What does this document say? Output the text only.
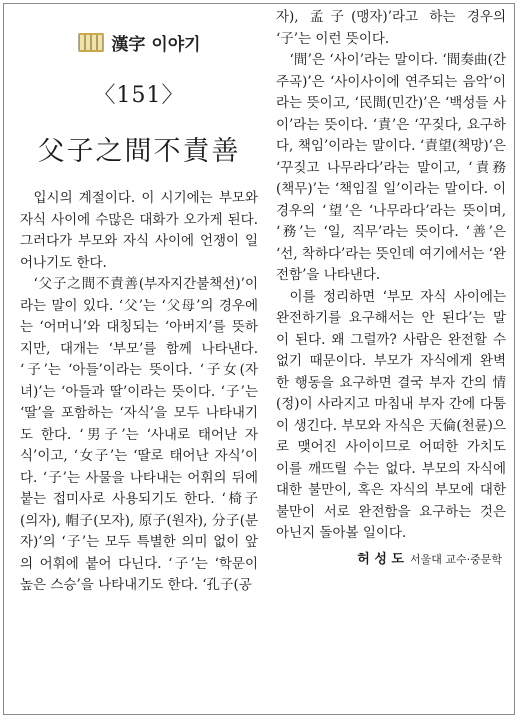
漢字 이야기
〈151〉
父子之間不責善

입시의 계절이다. 이 시기에는 부모와 자식 사이에 수많은 대화가 오가게 된다. 그러다가 부모와 자식 사이에 언쟁이 일어나기도 한다.

‘父子之間不責善(부자지간불책선)’이라는 말이 있다. ‘父’는 ‘父母’의 경우에는 ‘어머니’와 대칭되는 ‘아버지’를 뜻하지만, 대개는 ‘부모’를 함께 나타낸다. ‘子’는 ‘아들’이라는 뜻이다. ‘子女(자녀)’는 ‘아들과 딸’이라는 뜻이다. ‘子’는 ‘딸’을 포함하는 ‘자식’을 모두 나타내기도 한다. ‘男子’는 ‘사내로 태어난 자식’이고, ‘女子’는 ‘딸로 태어난 자식’이다. ‘子’는 사물을 나타내는 어휘의 뒤에 붙는 접미사로 사용되기도 한다. ‘椅子(의자), 帽子(모자), 原子(원자), 分子(분자)’의 ‘子’는 모두 특별한 의미 없이 앞의 어휘에 붙어 다닌다. ‘子’는 ‘학문이 높은 스승’을 나타내기도 한다. ‘孔子(공

자), 孟子(맹자)’라고 하는 경우의 ‘子’는 이런 뜻이다.

‘間’은 ‘사이’라는 말이다. ‘間奏曲(간주곡)’은 ‘사이사이에 연주되는 음악’이라는 뜻이고, ‘民間(민간)’은 ‘백성들 사이’라는 뜻이다. ‘責’은 ‘꾸짖다, 요구하다, 책임’이라는 말이다. ‘責望(책망)’은 ‘꾸짖고 나무라다’라는 말이고, ‘責務(책무)’는 ‘책임질 일’이라는 말이다. 이 경우의 ‘望’은 ‘나무라다’라는 뜻이며, ‘務’는 ‘일, 직무’라는 뜻이다. ‘善’은 ‘선, 착하다’라는 뜻인데 여기에서는 ‘완전함’을 나타낸다.

이를 정리하면 ‘부모 자식 사이에는 완전하기를 요구해서는 안 된다’는 말이 된다. 왜 그럴까? 사람은 완전할 수 없기 때문이다. 부모가 자식에게 완벽한 행동을 요구하면 결국 부자 간의 情(정)이 사라지고 마침내 부자 간에 다툼이 생긴다. 부모와 자식은 天倫(천륜)으로 맺어진 사이이므로 어떠한 가치도 이를 깨뜨릴 수는 없다. 부모의 자식에 대한 불만이, 혹은 자식의 부모에 대한 불만이 서로 완전함을 요구하는 것은 아닌지 돌아볼 일이다.

허 성 도 서울대 교수·중문학
